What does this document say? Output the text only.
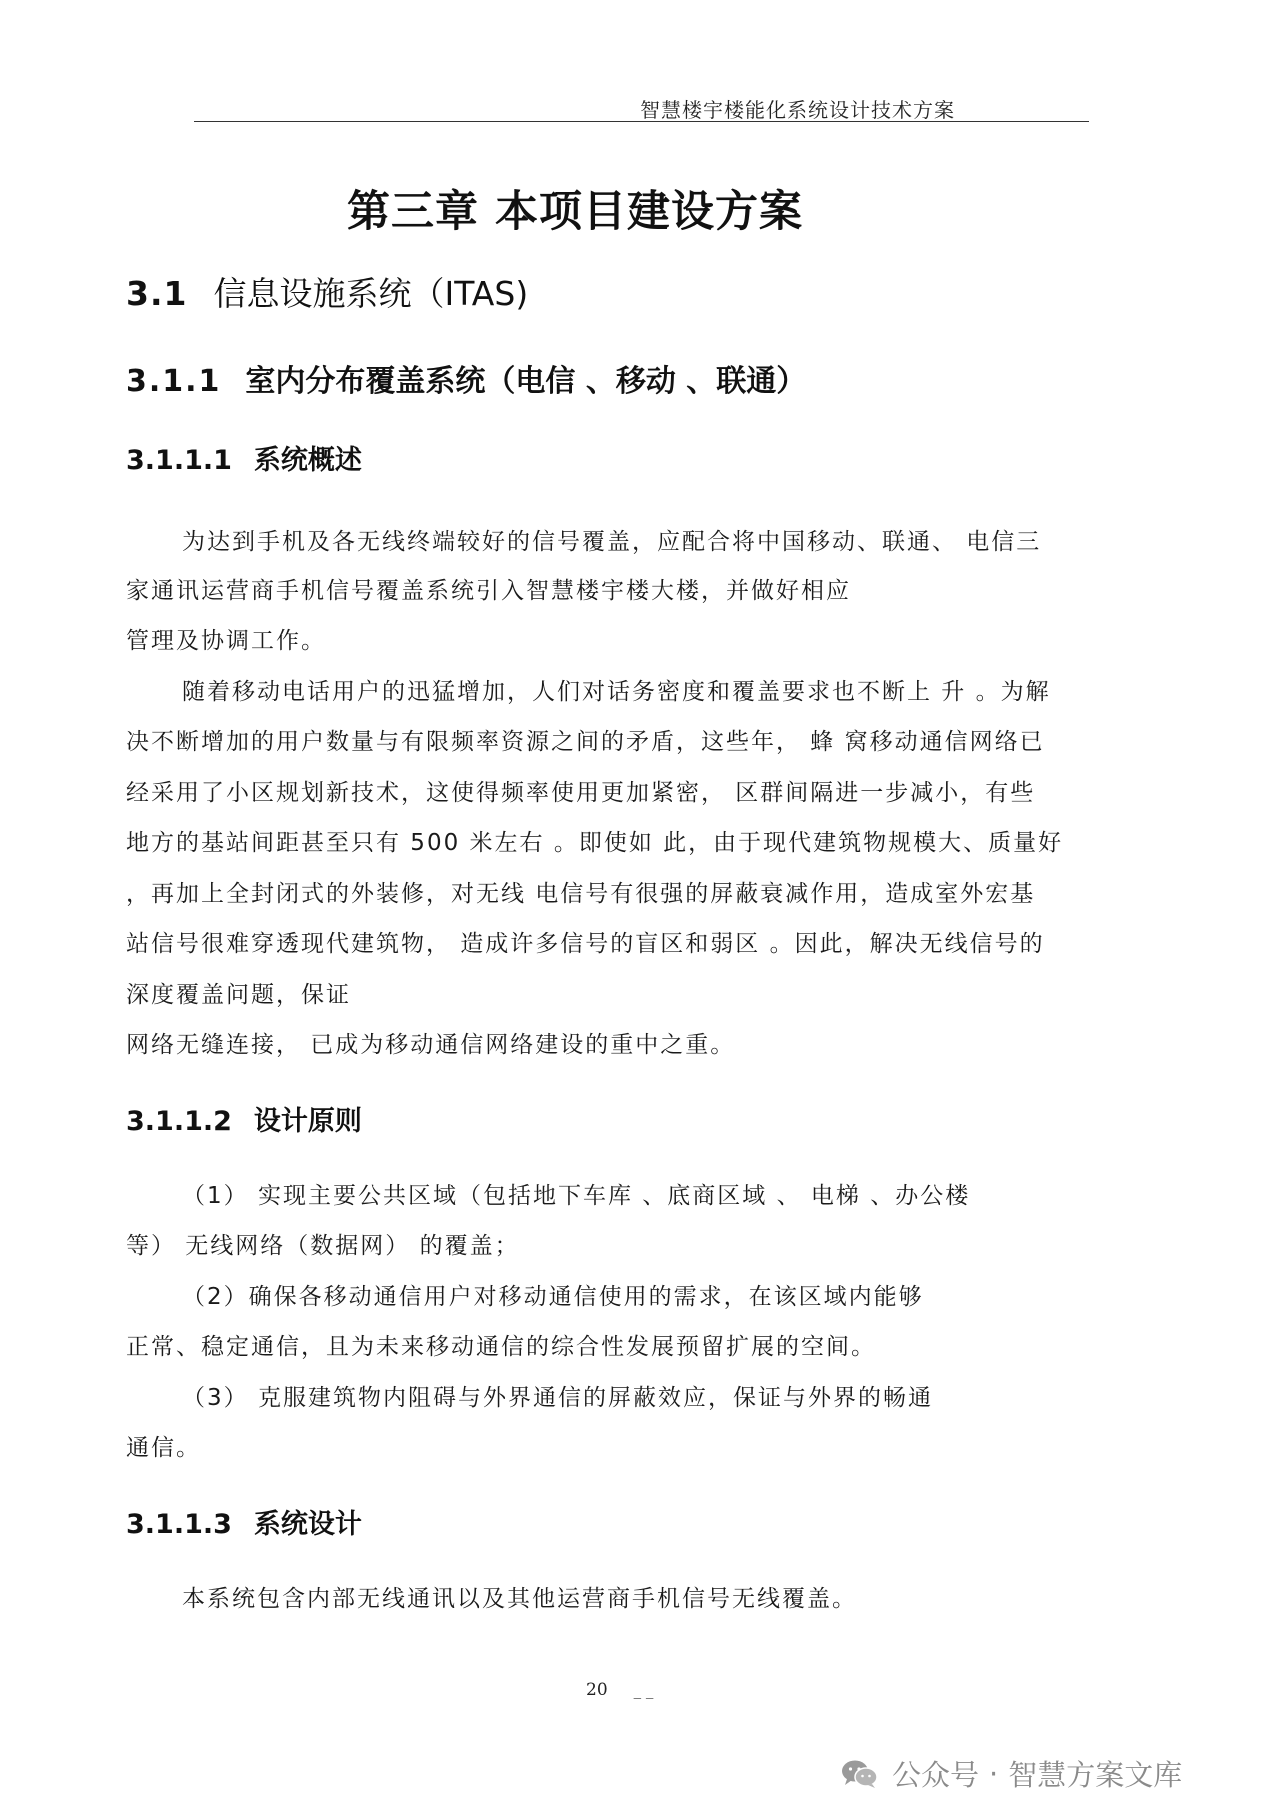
智慧楼宇楼能化系统设计技术方案
第三章 本项目建设方案
3.1 信息设施系统（ITAS)
3.1.1 室内分布覆盖系统（电信 、移动 、联通）
3.1.1.1 系统概述
为达到手机及各无线终端较好的信号覆盖，应配合将中国移动、联通、 电信三
家通讯运营商手机信号覆盖系统引入智慧楼宇楼大楼，并做好相应
管理及协调工作。
随着移动电话用户的迅猛增加，人们对话务密度和覆盖要求也不断上 升 。为解
决不断增加的用户数量与有限频率资源之间的矛盾，这些年， 蜂 窝移动通信网络已
经采用了小区规划新技术，这使得频率使用更加紧密， 区群间隔进一步减小，有些
地方的基站间距甚至只有 500 米左右 。即使如 此，由于现代建筑物规模大、质量好
，再加上全封闭式的外装修，对无线 电信号有很强的屏蔽衰减作用，造成室外宏基
站信号很难穿透现代建筑物， 造成许多信号的盲区和弱区 。因此，解决无线信号的
深度覆盖问题，保证
网络无缝连接， 已成为移动通信网络建设的重中之重。
3.1.1.2 设计原则
（1） 实现主要公共区域（包括地下车库 、底商区域 、 电梯 、办公楼
等） 无线网络（数据网） 的覆盖；
（2）确保各移动通信用户对移动通信使用的需求，在该区域内能够
正常、稳定通信，且为未来移动通信的综合性发展预留扩展的空间。
（3） 克服建筑物内阻碍与外界通信的屏蔽效应，保证与外界的畅通
通信。
3.1.1.3 系统设计
本系统包含内部无线通讯以及其他运营商手机信号无线覆盖。
20 _ _
公众号 · 智慧方案文库
